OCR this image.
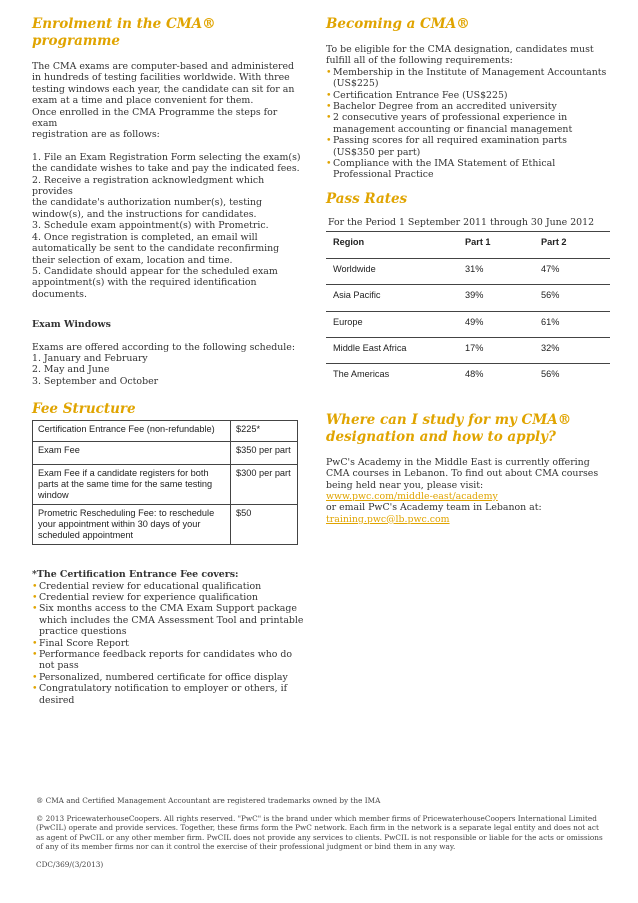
Enrolment in the CMA® programme

The CMA exams are computer-based and administered
in hundreds of testing facilities worldwide. With three
testing windows each year, the candidate can sit for an
exam at a time and place convenient for them.
Once enrolled in the CMA Programme the steps for exam
registration are as follows:

1. File an Exam Registration Form selecting the exam(s)
the candidate wishes to take and pay the indicated fees.
2. Receive a registration acknowledgment which provides
the candidate's authorization number(s), testing
window(s), and the instructions for candidates.
3. Schedule exam appointment(s) with Prometric.
4. Once registration is completed, an email will
automatically be sent to the candidate reconfirming
their selection of exam, location and time.
5. Candidate should appear for the scheduled exam
appointment(s) with the required identification
documents.
Exam Windows

Exams are offered according to the following schedule:

1. January and February

2. May and June

3. September and October

Fee Structure
Certification Entrance Fee (non-refundable)	$225*
Exam Fee	$350 per part
Exam Fee if a candidate registers for both parts at the same time for the same testing window	$300 per part
Prometric Rescheduling Fee: to reschedule your appointment within 30 days of your scheduled appointment	$50
*The Certification Entrance Fee covers:
• Credential review for educational qualification
• Credential review for experience qualification
• Six months access to the CMA Exam Support package which includes the CMA Assessment Tool and printable practice questions
• Final Score Report
• Performance feedback reports for candidates who do not pass
• Personalized, numbered certificate for office display
• Congratulatory notification to employer or others, if desired
Becoming a CMA®

To be eligible for the CMA designation, candidates must
fulfill all of the following requirements:

• Membership in the Institute of Management Accountants (US$225)
• Certification Entrance Fee (US$225)
• Bachelor Degree from an accredited university
• 2 consecutive years of professional experience in management accounting or financial management
• Passing scores for all required examination parts (US$350 per part)
• Compliance with the IMA Statement of Ethical Professional Practice
Pass Rates

For the Period 1 September 2011 through 30 June 2012

Region	Part 1	Part 2
Worldwide	31%	47%
Asia Pacific	39%	56%
Europe	49%	61%
Middle East Africa	17%	32%
The Americas	48%	56%
Where can I study for my CMA®
designation and how to apply?

PwC's Academy in the Middle East is currently offering
CMA courses in Lebanon. To find out about CMA courses
being held near you, please visit:

www.pwc.com/middle-east/academy

or email PwC's Academy team in Lebanon at:

training.pwc@lb.pwc.com

® CMA and Certified Management Accountant are registered trademarks owned by the IMA

© 2013 PricewaterhouseCoopers. All rights reserved. "PwC" is the brand under which member firms of PricewaterhouseCoopers International Limited (PwCIL) operate and provide services. Together, these firms form the PwC network. Each firm in the network is a separate legal entity and does not act as agent of PwCIL or any other member firm. PwCIL does not provide any services to clients. PwCIL is not responsible or liable for the acts or omissions of any of its member firms nor can it control the exercise of their professional judgment or bind them in any way.

CDC/369/(3/2013)
